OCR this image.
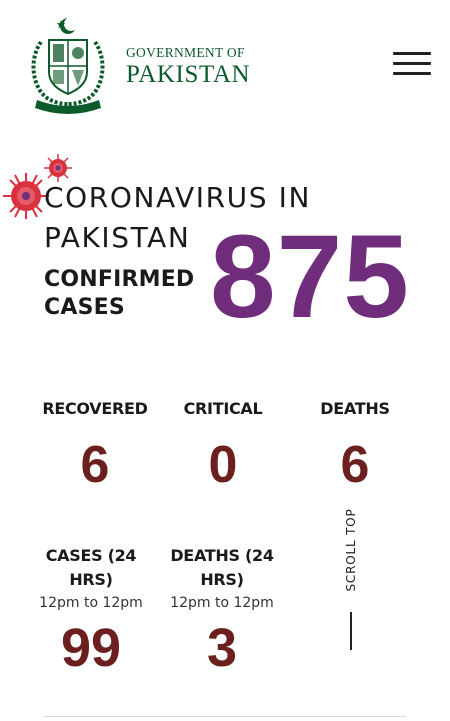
GOVERNMENT OF
PAKISTAN
CORONAVIRUS IN PAKISTAN
CONFIRMED CASES 875
RECOVERED
6
CRITICAL
0
DEATHS
6
CASES (24 HRS)
12pm to 12pm
99
DEATHS (24 HRS)
12pm to 12pm
3
SCROLL TOP
